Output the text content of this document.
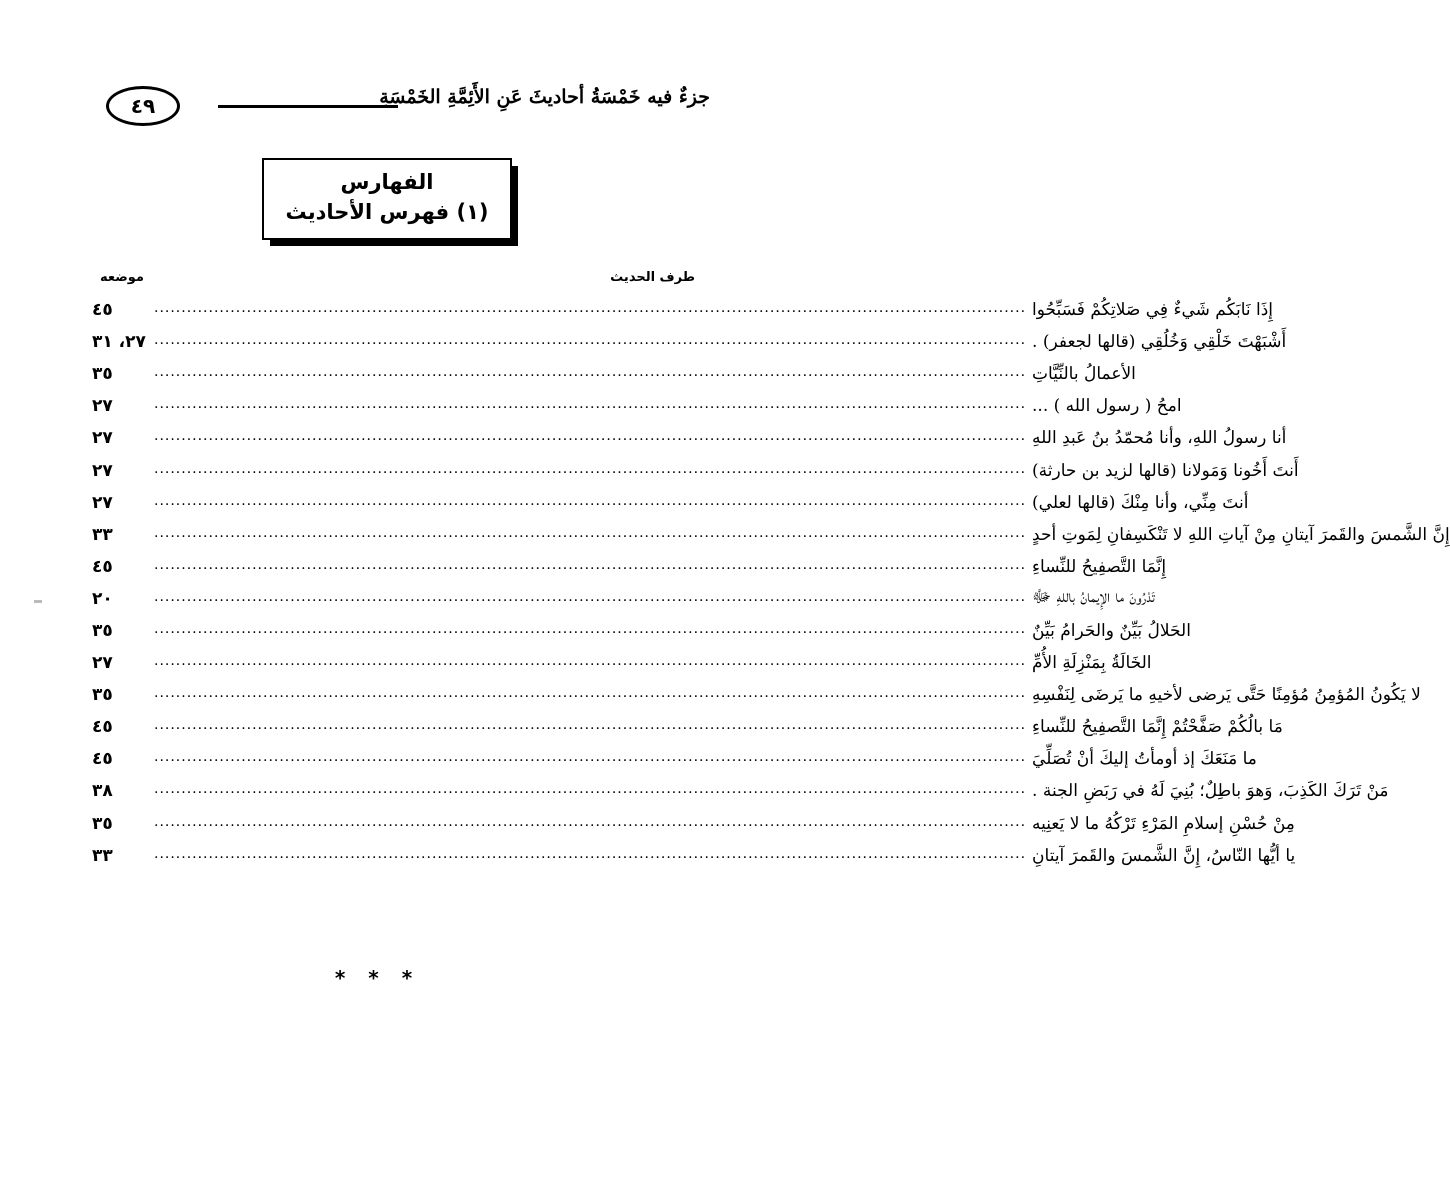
٤٩	جزءٌ فيه خَمْسَةُ أحاديثَ عَنِ الأَئِمَّةِ الخَمْسَةِ
الفهارس
(١) فهرس الأحاديث
موضعه	طرف الحديث
٤٥	................................................................................................................................................................ إِذَا نَابَكُم شَيءٌ فِي صَلاتِكُمْ فَسَبِّحُوا
٢٧، ٣١ ................................................................................................................................................................ أَشْبَهْتَ خَلْقِي وَخُلُقِي (قالها لجعفر) .
٣٥	................................................................................................................................................................ الأعمالُ بالنِّيَّاتِ
٢٧	................................................................................................................................................................ امحُ ( رسول الله ) ...
٢٧	................................................................................................................................................................ أنا رسولُ اللهِ، وأنا مُحمّدُ بنُ عَبدِ اللهِ
٢٧	................................................................................................................................................................ أَنتَ أَخُونا وَمَولانا (قالها لزيد بن حارثة)
٢٧	................................................................................................................................................................ أنتَ مِنِّي، وأنا مِنْكَ (قالها لعلي)
٣٣	................................................................................................................................................................ إِنَّ الشَّمسَ والقَمرَ آيتانِ مِنْ آياتِ اللهِ لا تَنْكَسِفانِ لِمَوتِ أحدٍ
٤٥	................................................................................................................................................................ إِنَّمَا التَّصفِيحُ للنِّساءِ
٢٠	................................................................................................................................................................ تَدْرُونَ ما الإِيمانُ باللهِ ﷻ
٣٥	................................................................................................................................................................ الحَلالُ بَيِّنٌ والحَرامُ بَيِّنٌ
٢٧	................................................................................................................................................................ الخَالَةُ بِمَنْزِلَةِ الأُمِّ
٣٥	................................................................................................................................................................ لا يَكُونُ المُؤمِنُ مُؤمِنًا حَتَّى يَرضى لأخيهِ ما يَرضَى لِنَفْسِهِ
٤٥	................................................................................................................................................................ مَا بالُكُمْ صَفَّحْتُمْ إِنَّمَا التَّصفِيحُ للنِّساءِ
٤٥	................................................................................................................................................................ ما مَنَعَكَ إذ أومأتُ إليكَ أنْ تُصَلِّيَ
٣٨	................................................................................................................................................................ مَنْ تَرَكَ الكَذِبَ، وَهوَ باطِلٌ؛ بُنِيَ لَهُ في رَبَضِ الجنة .
٣٥	................................................................................................................................................................ مِنْ حُسْنِ إسلامِ المَرْءِ تَرْكُهُ ما لا يَعنِيه
٣٣	................................................................................................................................................................ يا أيُّها النّاسُ، إِنَّ الشَّمسَ والقَمرَ آيتانِ
* * *
